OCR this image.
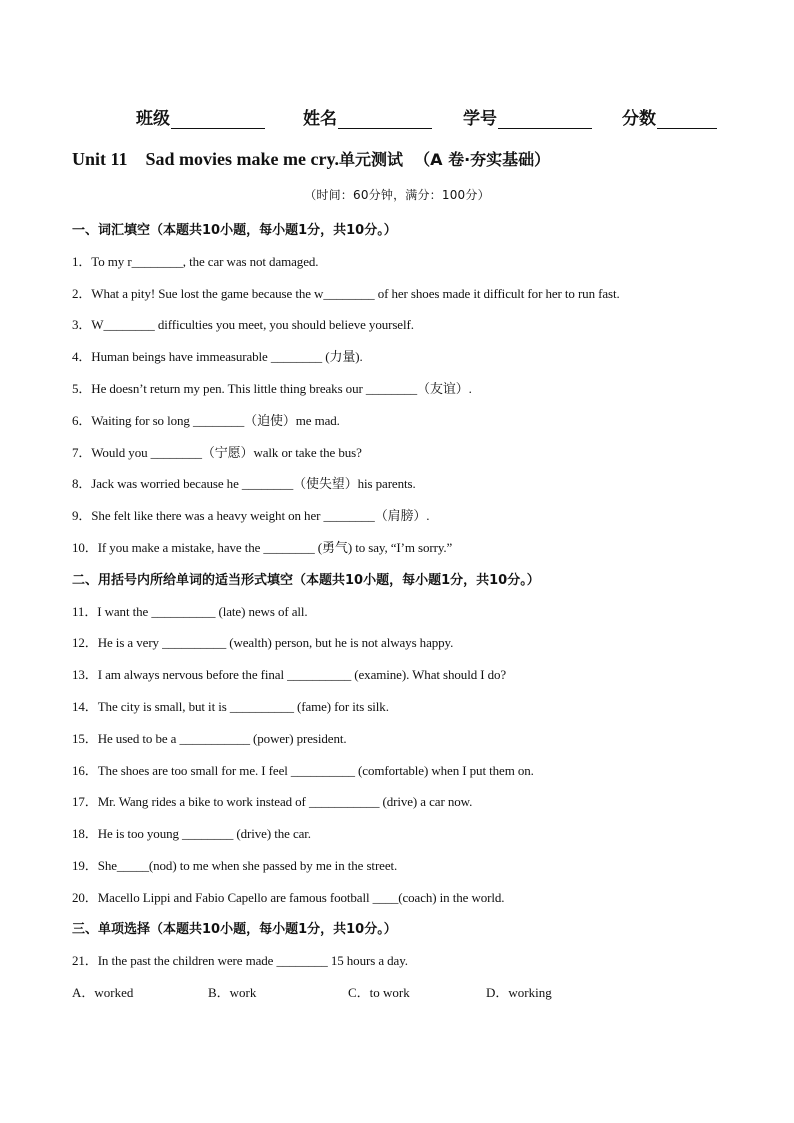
班级	姓名	学号	分数
Unit 11    Sad movies make me cry.单元测试  （A 卷·夯实基础）
（时间：60分钟，满分：100分）
一、词汇填空（本题共10小题，每小题1分，共10分。）
1．To my r________, the car was not damaged.
2．What a pity! Sue lost the game because the w________ of her shoes made it difficult for her to run fast.
3．W________ difficulties you meet, you should believe yourself.
4．Human beings have immeasurable ________ (力量).
5．He doesn’t return my pen. This little thing breaks our ________（友谊）.
6．Waiting for so long ________（迫使）me mad.
7．Would you ________（宁愿）walk or take the bus?
8．Jack was worried because he ________（使失望）his parents.
9．She felt like there was a heavy weight on her ________（肩膀）.
10．If you make a mistake, have the ________ (勇气) to say, “I’m sorry.”
二、用括号内所给单词的适当形式填空（本题共10小题，每小题1分，共10分。）
11．I want the __________ (late) news of all.
12．He is a very __________ (wealth) person, but he is not always happy.
13．I am always nervous before the final __________ (examine). What should I do?
14．The city is small, but it is __________ (fame) for its silk.
15．He used to be a ___________ (power) president.
16．The shoes are too small for me. I feel __________ (comfortable) when I put them on.
17．Mr. Wang rides a bike to work instead of ___________ (drive) a car now.
18．He is too young ________ (drive) the car.
19．She_____(nod) to me when she passed by me in the street.
20．Macello Lippi and Fabio Capello are famous football ____(coach) in the world.
三、单项选择（本题共10小题，每小题1分，共10分。）
21．In the past the children were made ________ 15 hours a day.
A．worked	B．work	C．to work	D．working
